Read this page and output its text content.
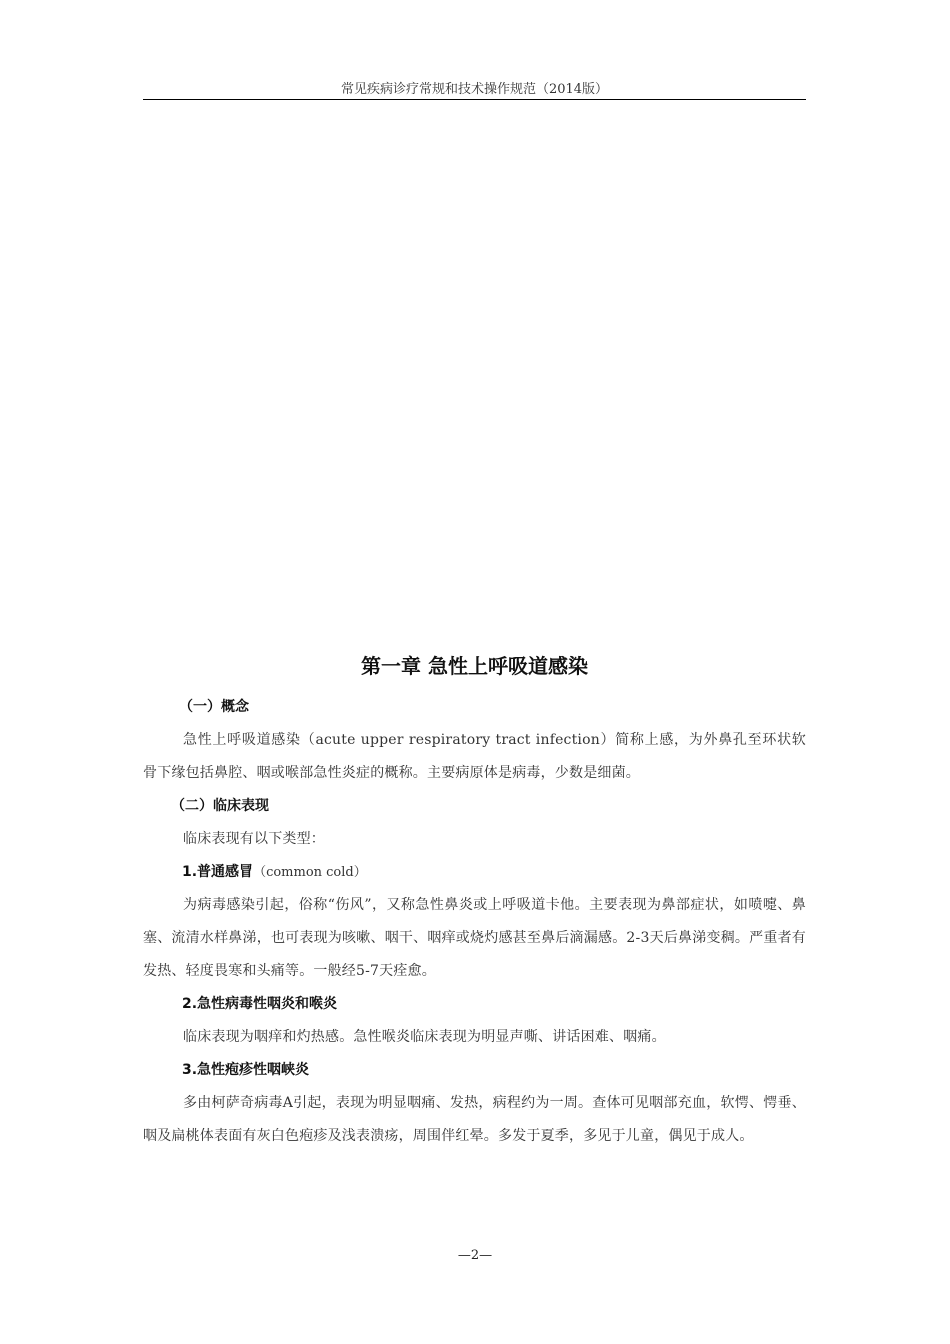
常见疾病诊疗常规和技术操作规范（2014版）
第一章 急性上呼吸道感染

（一）概念

急性上呼吸道感染（acute upper respiratory tract infection）简称上感，为外鼻孔至环状软骨下缘包括鼻腔、咽或喉部急性炎症的概称。主要病原体是病毒，少数是细菌。

（二）临床表现

临床表现有以下类型：

1.普通感冒（common cold）

为病毒感染引起，俗称“伤风”，又称急性鼻炎或上呼吸道卡他。主要表现为鼻部症状，如喷嚏、鼻塞、流清水样鼻涕，也可表现为咳嗽、咽干、咽痒或烧灼感甚至鼻后滴漏感。2-3天后鼻涕变稠。严重者有发热、轻度畏寒和头痛等。一般经5-7天痊愈。

2.急性病毒性咽炎和喉炎

临床表现为咽痒和灼热感。急性喉炎临床表现为明显声嘶、讲话困难、咽痛。

3.急性疱疹性咽峡炎

多由柯萨奇病毒A引起，表现为明显咽痛、发热，病程约为一周。查体可见咽部充血，软愕、愕垂、咽及扁桃体表面有灰白色疱疹及浅表溃疡，周围伴红晕。多发于夏季，多见于儿童，偶见于成人。

—2—
